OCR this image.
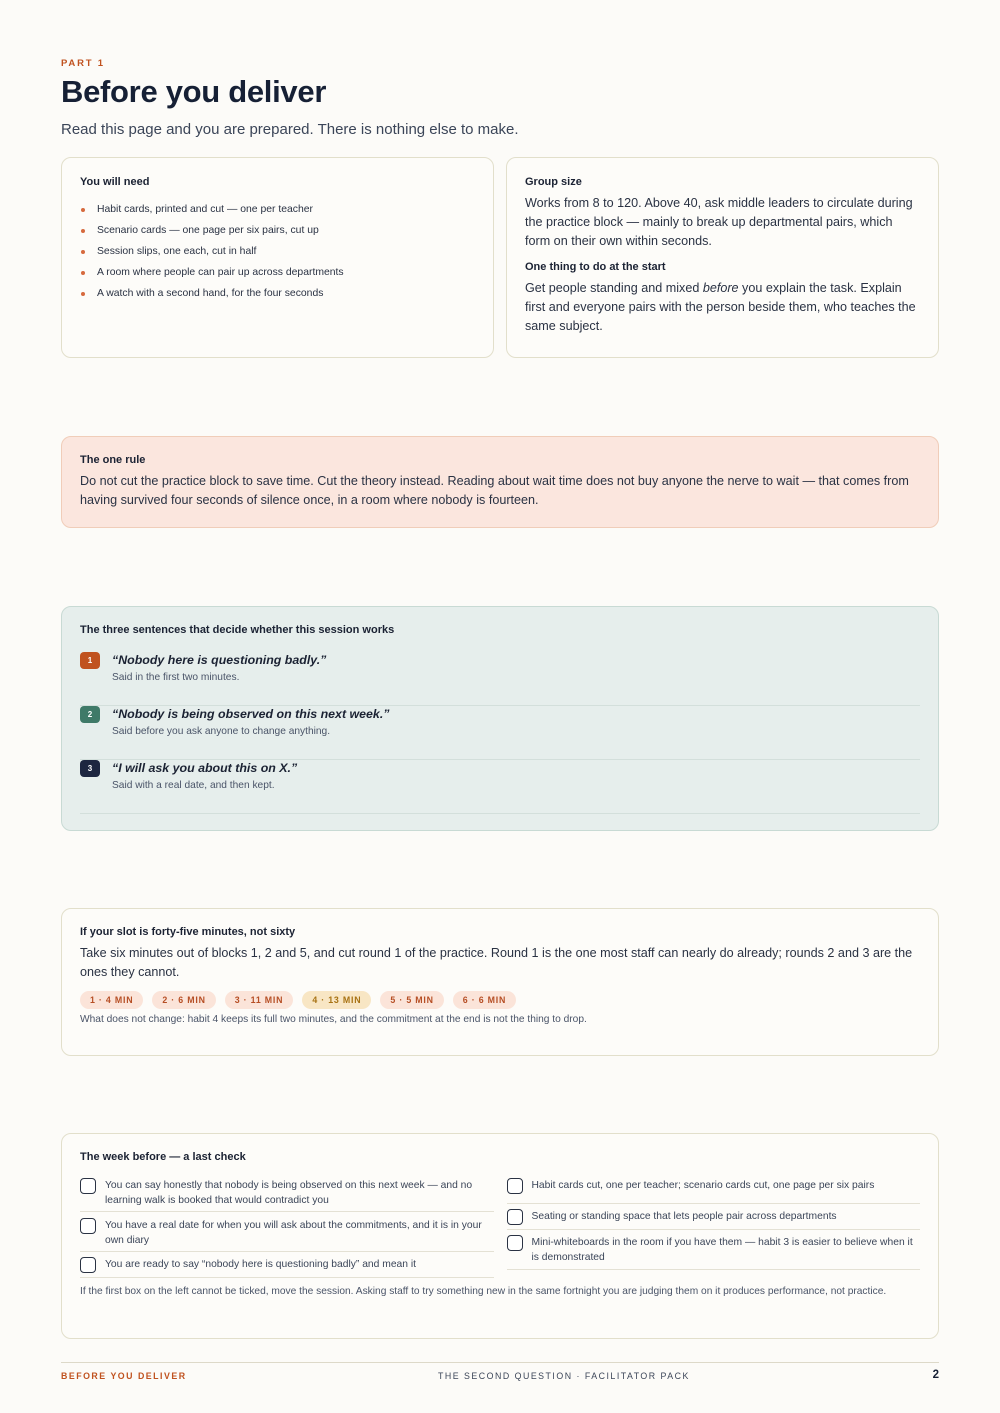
PART 1
Before you deliver

Read this page and you are prepared. There is nothing else to make.

You will need
Habit cards, printed and cut — one per teacher
Scenario cards — one page per six pairs, cut up
Session slips, one each, cut in half
A room where people can pair up across departments
A watch with a second hand, for the four seconds
Group size

Works from 8 to 120. Above 40, ask middle leaders to circulate during the practice block — mainly to break up departmental pairs, which form on their own within seconds.

One thing to do at the start

Get people standing and mixed before you explain the task. Explain first and everyone pairs with the person beside them, who teaches the same subject.

The one rule

Do not cut the practice block to save time. Cut the theory instead. Reading about wait time does not buy anyone the nerve to wait — that comes from having survived four seconds of silence once, in a room where nobody is fourteen.

The three sentences that decide whether this session works
1	“Nobody here is questioning badly.”
Said in the first two minutes.
2	“Nobody is being observed on this next week.”
Said before you ask anyone to change anything.
3	“I will ask you about this on X.”
Said with a real date, and then kept.
If your slot is forty-five minutes, not sixty

Take six minutes out of blocks 1, 2 and 5, and cut round 1 of the practice. Round 1 is the one most staff can nearly do already; rounds 2 and 3 are the ones they cannot.

1 · 4 MIN	2 · 6 MIN	3 · 11 MIN	4 · 13 MIN	5 · 5 MIN	6 · 6 MIN

What does not change: habit 4 keeps its full two minutes, and the commitment at the end is not the thing to drop.

The week before — a last check
You can say honestly that nobody is being observed on this next week — and no learning walk is booked that would contradict you
You have a real date for when you will ask about the commitments, and it is in your own diary
You are ready to say “nobody here is questioning badly” and mean it
Habit cards cut, one per teacher; scenario cards cut, one page per six pairs
Seating or standing space that lets people pair across departments
Mini-whiteboards in the room if you have them — habit 3 is easier to believe when it is demonstrated

If the first box on the left cannot be ticked, move the session. Asking staff to try something new in the same fortnight you are judging them on it produces performance, not practice.

BEFORE YOU DELIVER	THE SECOND QUESTION · FACILITATOR PACK	2
